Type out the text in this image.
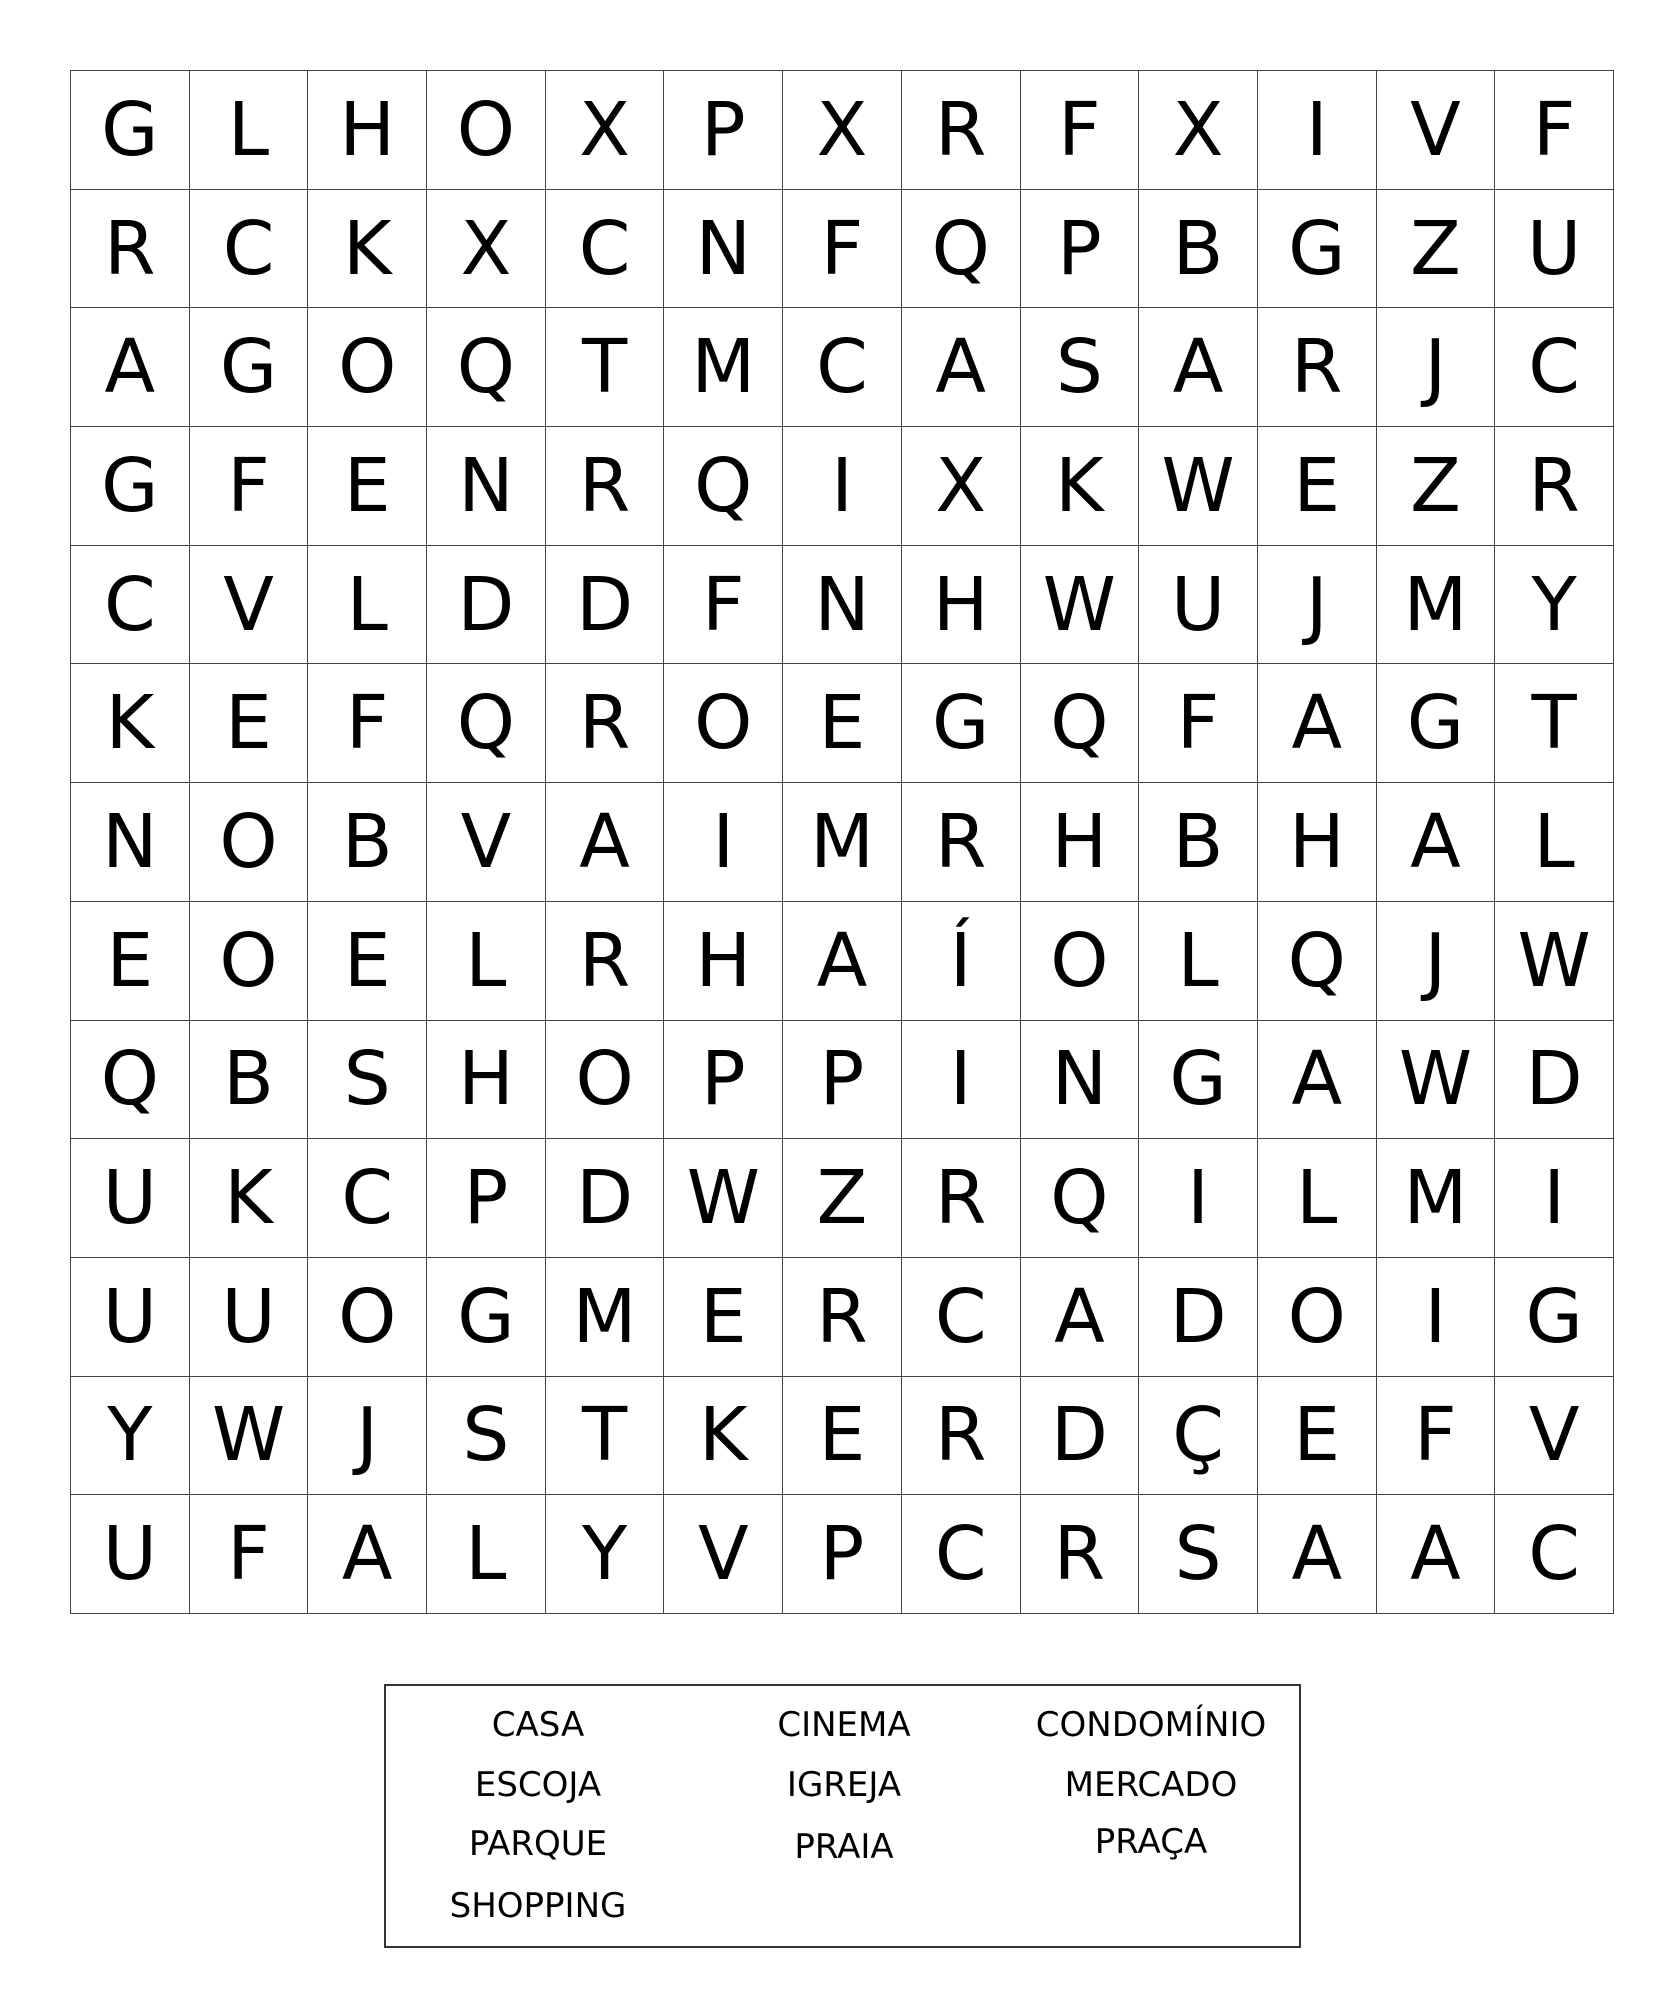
G L H O X P X R F X	I	V F
R C K X C N F Q P B G Z U
A G O Q T M C A S A R	J	C
G F	E N R Q	I	X K W E Z R
C V L D D F N H W U	J	M Y
K E	F Q R O E G Q F A G T
N O B V A	I	M R H B H A L
E O E	L R H A	Í	O L Q	J W
Q B S H O P	P	I	N G A W D
U K C P D W Z R Q	I	L M	I
U U O G M E R C A D O	I	G
Y W J	S T K E R D Ç E	F V
U F A L	Y V P C R S A A C
CASA
ESCOJA
PARQUE
SHOPPING
CINEMA
IGREJA
PRAIA
CONDOMÍNIO
MERCADO
PRAÇA
